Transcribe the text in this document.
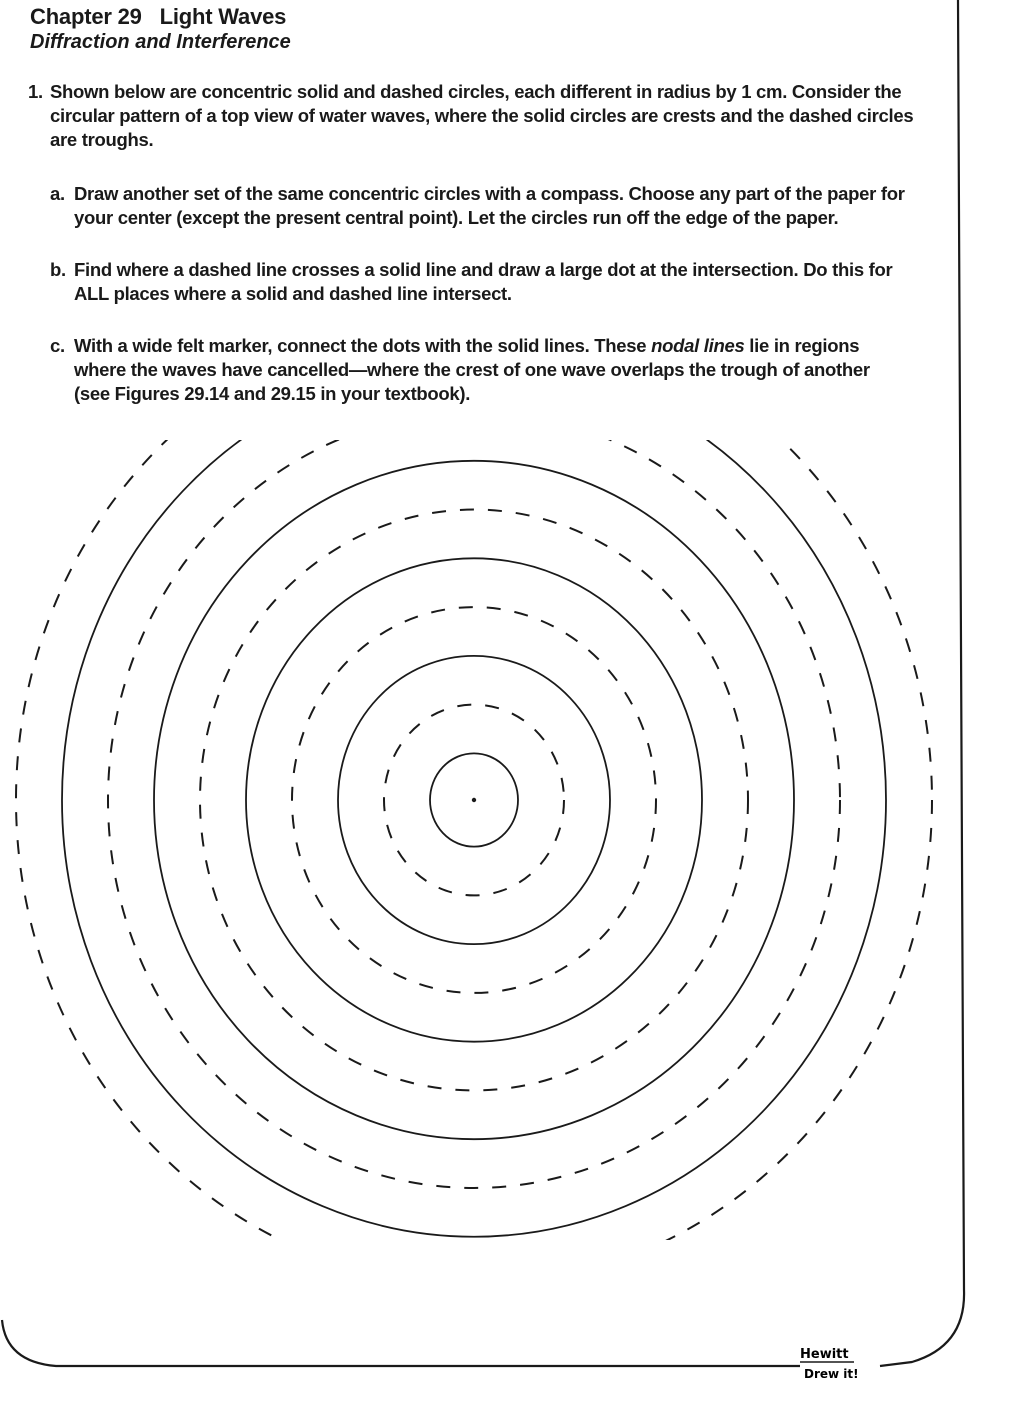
Chapter 29 Light Waves
Diffraction and Interference
1. Shown below are concentric solid and dashed circles, each different in radius by 1 cm. Consider the circular pattern of a top view of water waves, where the solid circles are crests and the dashed circles are troughs.
a. Draw another set of the same concentric circles with a compass. Choose any part of the paper for your center (except the present central point). Let the circles run off the edge of the paper.
b. Find where a dashed line crosses a solid line and draw a large dot at the intersection. Do this for ALL places where a solid and dashed line intersect.
c. With a wide felt marker, connect the dots with the solid lines. These nodal lines lie in regions where the waves have cancelled—where the crest of one wave overlaps the trough of another (see Figures 29.14 and 29.15 in your textbook).
Hewitt
Drew it!
